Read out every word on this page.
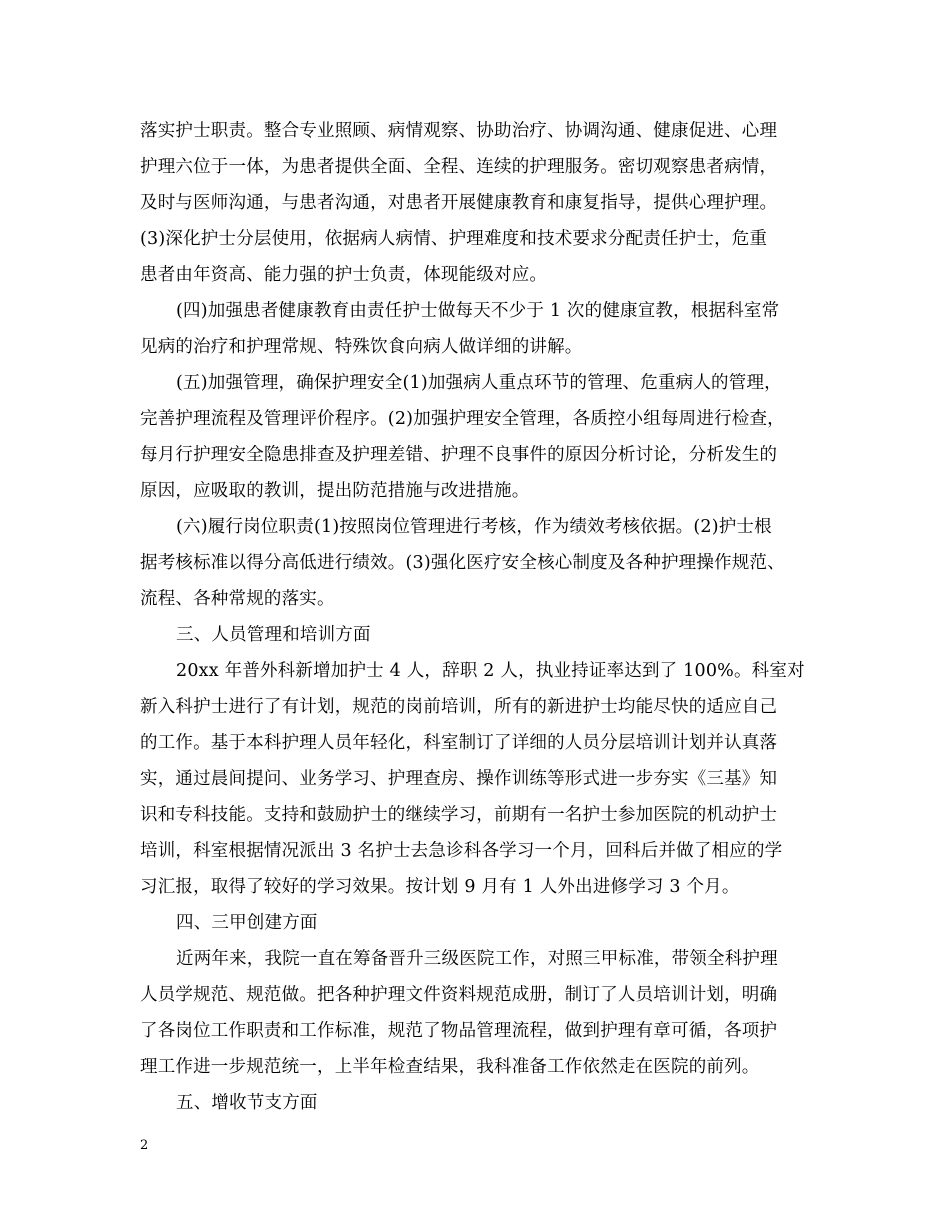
落实护士职责。整合专业照顾、病情观察、协助治疗、协调沟通、健康促进、心理
护理六位于一体，为患者提供全面、全程、连续的护理服务。密切观察患者病情，
及时与医师沟通，与患者沟通，对患者开展健康教育和康复指导，提供心理护理。
(3)深化护士分层使用，依据病人病情、护理难度和技术要求分配责任护士，危重
患者由年资高、能力强的护士负责，体现能级对应。
(四)加强患者健康教育由责任护士做每天不少于 1 次的健康宣教，根据科室常
见病的治疗和护理常规、特殊饮食向病人做详细的讲解。
(五)加强管理，确保护理安全(1)加强病人重点环节的管理、危重病人的管理，
完善护理流程及管理评价程序。(2)加强护理安全管理，各质控小组每周进行检查，
每月行护理安全隐患排查及护理差错、护理不良事件的原因分析讨论，分析发生的
原因，应吸取的教训，提出防范措施与改进措施。
(六)履行岗位职责(1)按照岗位管理进行考核，作为绩效考核依据。(2)护士根
据考核标准以得分高低进行绩效。(3)强化医疗安全核心制度及各种护理操作规范、
流程、各种常规的落实。
三、人员管理和培训方面
20xx 年普外科新增加护士 4 人，辞职 2 人，执业持证率达到了 100%。科室对
新入科护士进行了有计划，规范的岗前培训，所有的新进护士均能尽快的适应自己
的工作。基于本科护理人员年轻化，科室制订了详细的人员分层培训计划并认真落
实，通过晨间提问、业务学习、护理查房、操作训练等形式进一步夯实《三基》知
识和专科技能。支持和鼓励护士的继续学习，前期有一名护士参加医院的机动护士
培训，科室根据情况派出 3 名护士去急诊科各学习一个月，回科后并做了相应的学
习汇报，取得了较好的学习效果。按计划 9 月有 1 人外出进修学习 3 个月。
四、三甲创建方面
近两年来，我院一直在筹备晋升三级医院工作，对照三甲标准，带领全科护理
人员学规范、规范做。把各种护理文件资料规范成册，制订了人员培训计划，明确
了各岗位工作职责和工作标准，规范了物品管理流程，做到护理有章可循，各项护
理工作进一步规范统一，上半年检查结果，我科准备工作依然走在医院的前列。
五、增收节支方面
2
